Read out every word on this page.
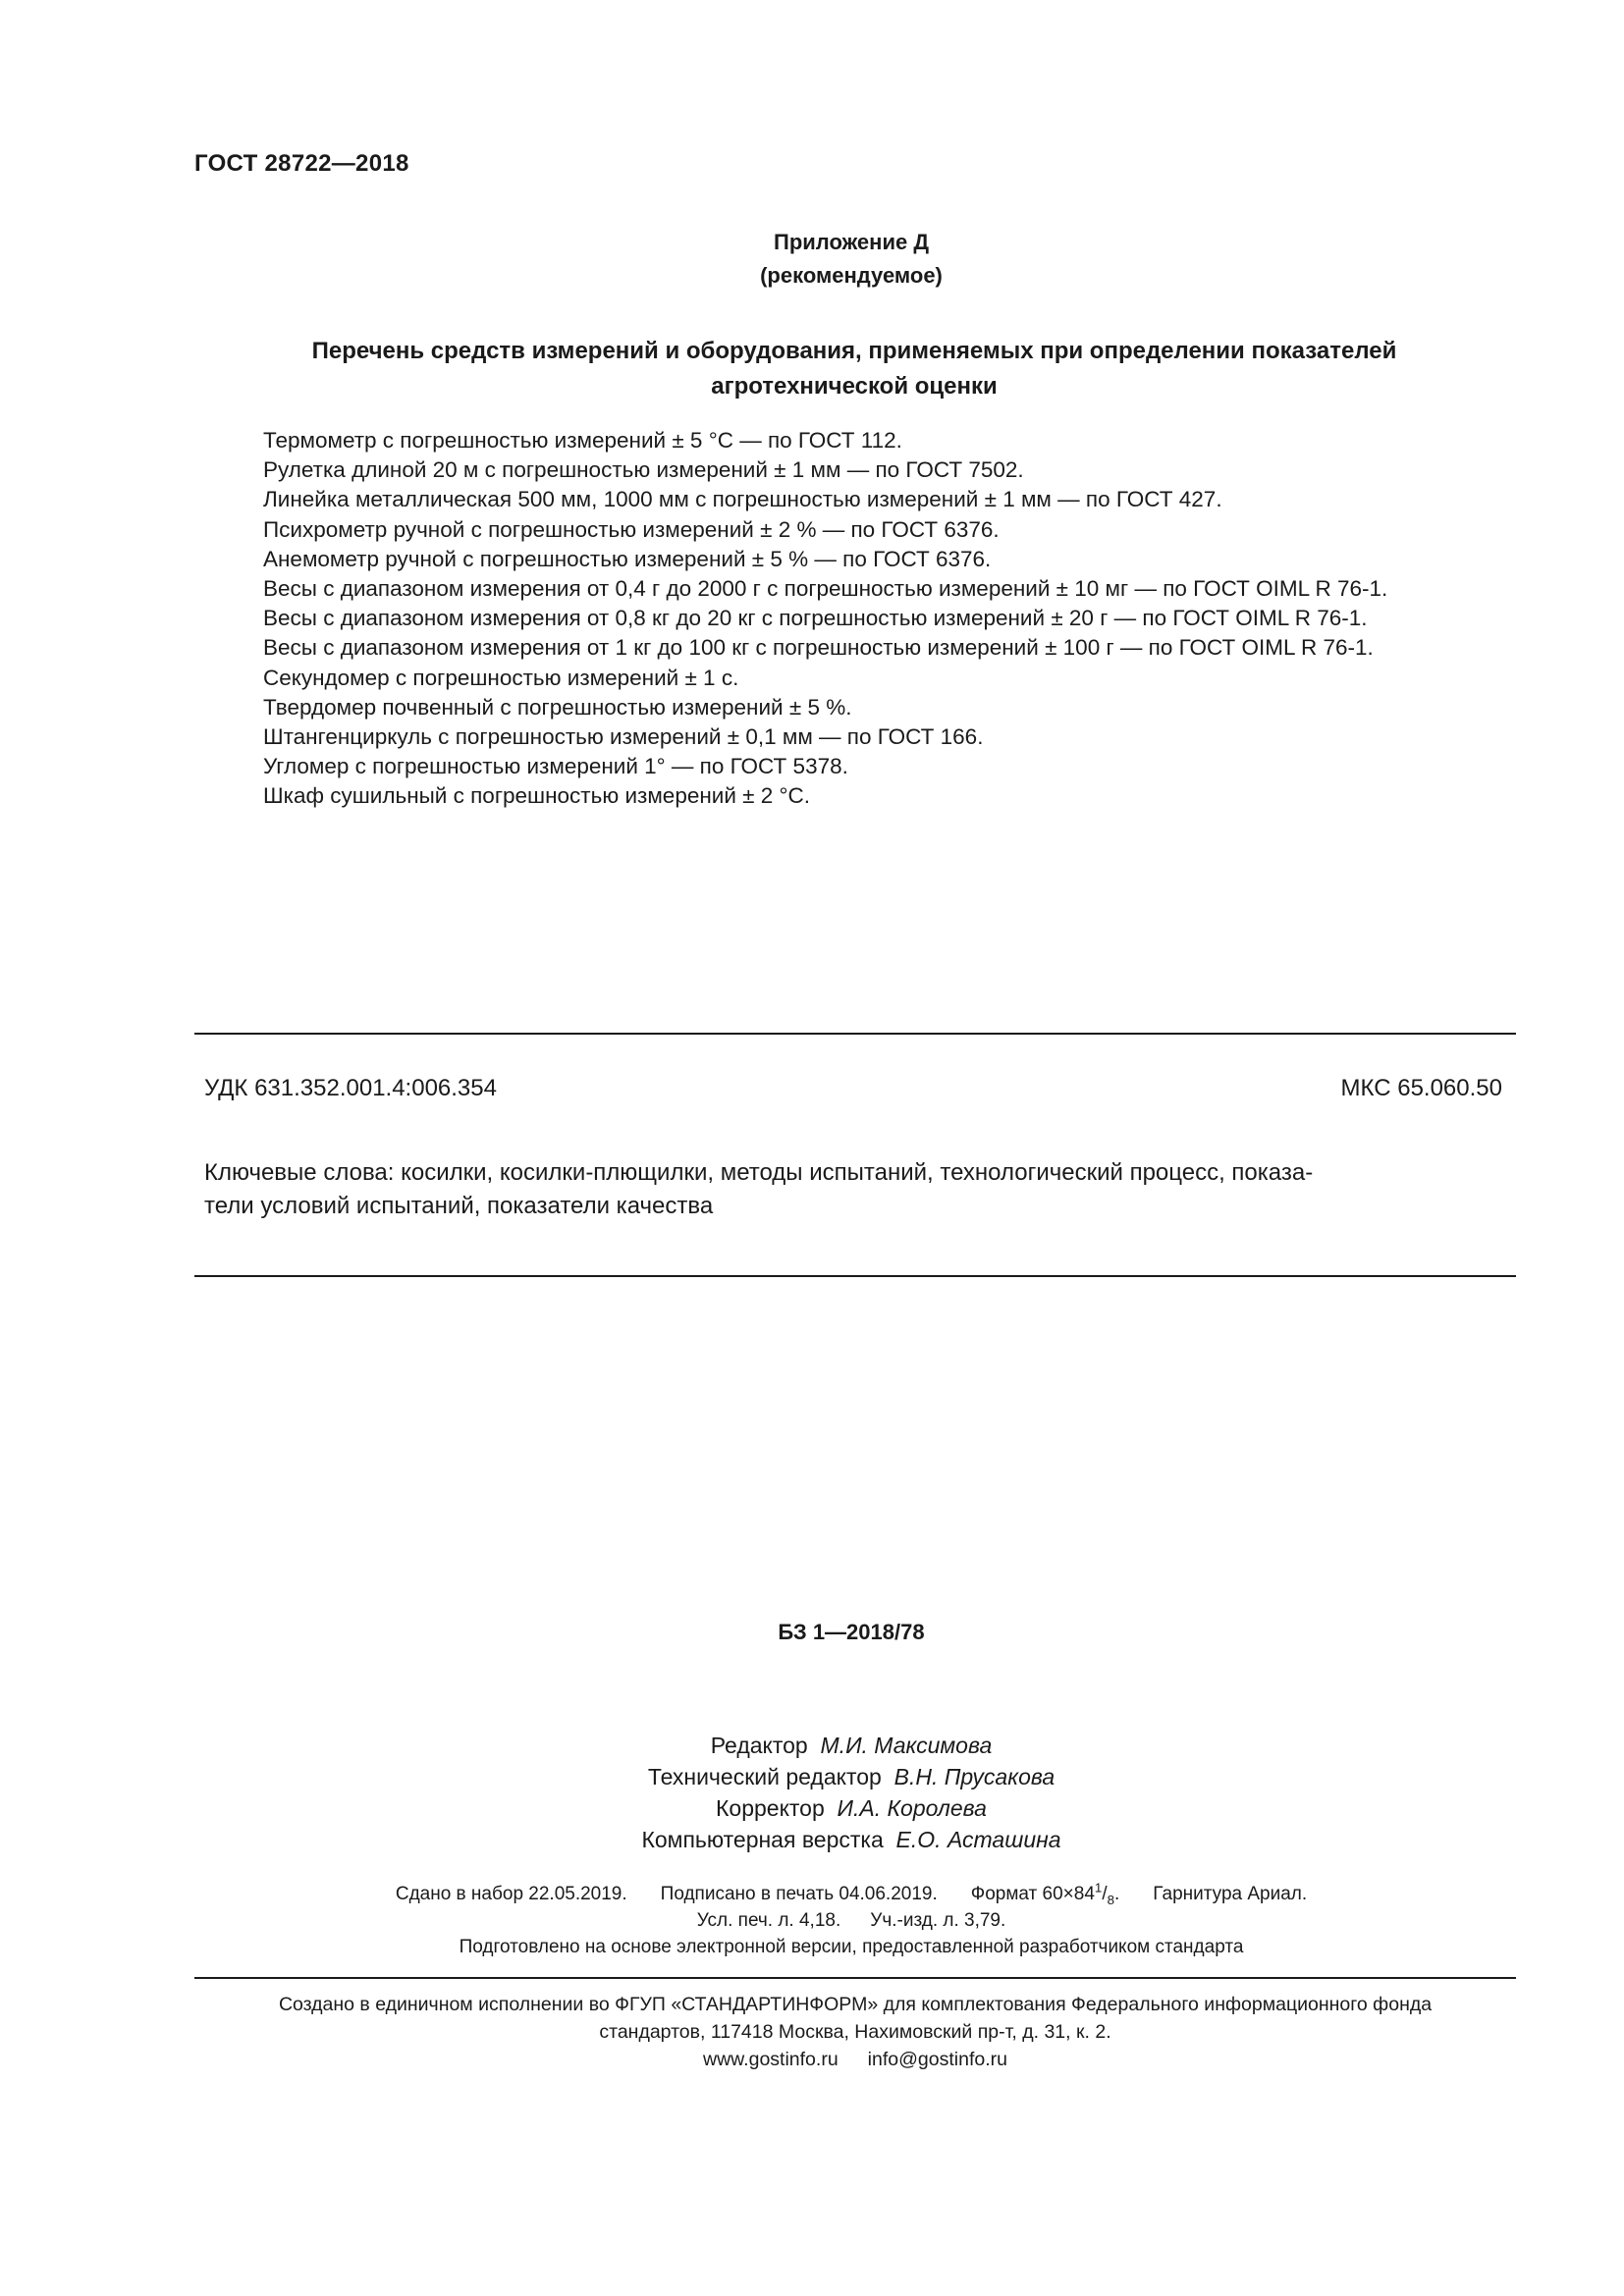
ГОСТ 28722—2018
Приложение Д
(рекомендуемое)
Перечень средств измерений и оборудования, применяемых при определении показателей
агротехнической оценки
Термометр с погрешностью измерений ± 5 °С — по ГОСТ 112.
Рулетка длиной 20 м с погрешностью измерений ± 1 мм — по ГОСТ 7502.
Линейка металлическая 500 мм, 1000 мм с погрешностью измерений ± 1 мм — по ГОСТ 427.
Психрометр ручной с погрешностью измерений ± 2 % — по ГОСТ 6376.
Анемометр ручной с погрешностью измерений ± 5 % — по ГОСТ 6376.
Весы с диапазоном измерения от 0,4 г до 2000 г с погрешностью измерений ± 10 мг — по ГОСТ OIML R 76-1.
Весы с диапазоном измерения от 0,8 кг до 20 кг с погрешностью измерений ± 20 г — по ГОСТ OIML R 76-1.
Весы с диапазоном измерения от 1 кг до 100 кг с погрешностью измерений ± 100 г — по ГОСТ OIML R 76-1.
Секундомер с погрешностью измерений ± 1 с.
Твердомер почвенный с погрешностью измерений ± 5 %.
Штангенциркуль с погрешностью измерений ± 0,1 мм — по ГОСТ 166.
Угломер с погрешностью измерений 1° — по ГОСТ 5378.
Шкаф сушильный с погрешностью измерений ± 2 °С.
УДК 631.352.001.4:006.354	МКС 65.060.50
Ключевые слова: косилки, косилки-плющилки, методы испытаний, технологический процесс, показа-
тели условий испытаний, показатели качества
БЗ 1—2018/78
Редактор М.И. Максимова
Технический редактор В.Н. Прусакова
Корректор И.А. Королева
Компьютерная верстка Е.О. Асташина
Сдано в набор 22.05.2019. Подписано в печать 04.06.2019. Формат $60\times 84^1/_8$. Гарнитура Ариал.
Усл. печ. л. 4,18. Уч.-изд. л. 3,79.
Подготовлено на основе электронной версии, предоставленной разработчиком стандарта
Создано в единичном исполнении во ФГУП «СТАНДАРТИНФОРМ» для комплектования Федерального информационного фонда
стандартов, 117418 Москва, Нахимовский пр-т, д. 31, к. 2.
www.gostinfo.ru info@gostinfo.ru
